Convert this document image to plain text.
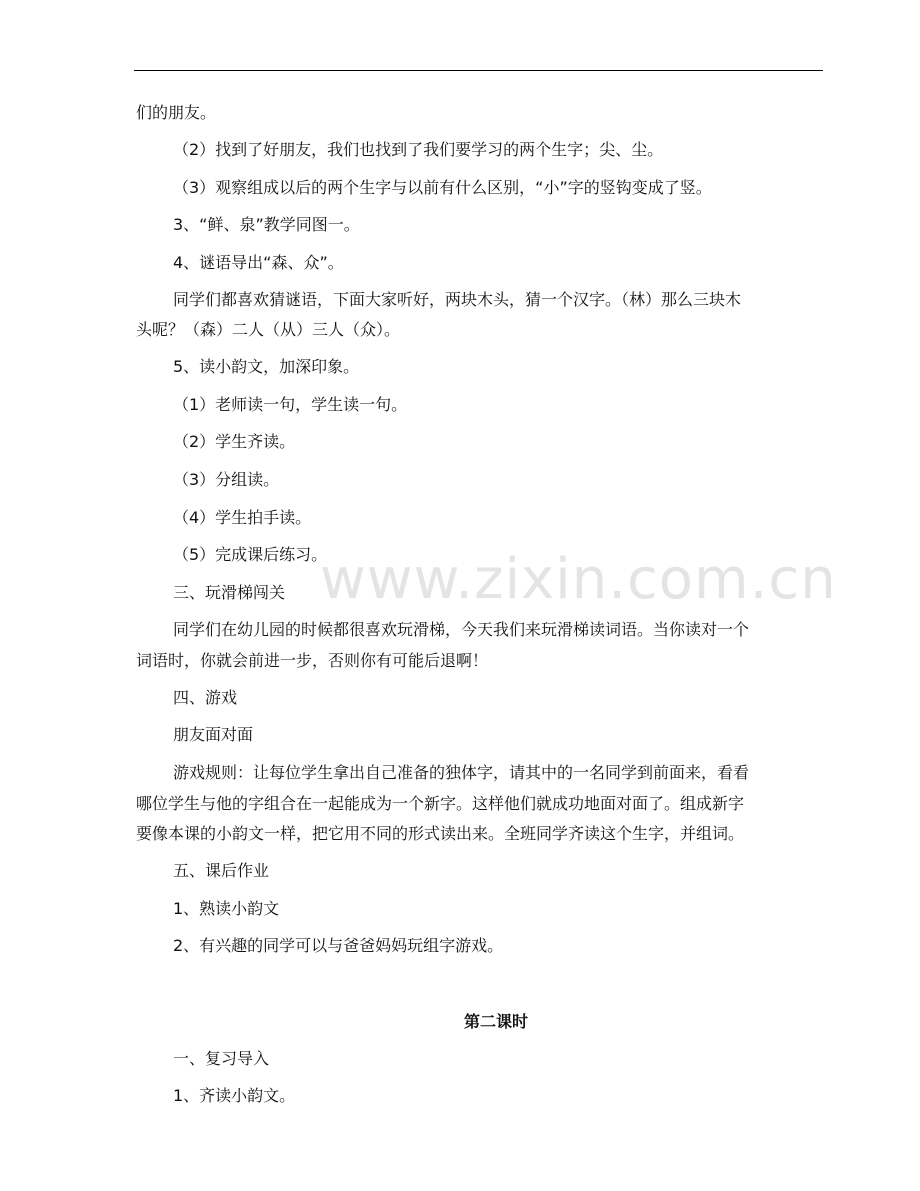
www.zixin.com.cn
们的朋友。
（2）找到了好朋友，我们也找到了我们要学习的两个生字；尖、尘。
（3）观察组成以后的两个生字与以前有什么区别，“小”字的竖钩变成了竖。
3、“鲜、泉”教学同图一。
4、谜语导出“森、众”。
同学们都喜欢猜谜语，下面大家听好，两块木头，猜一个汉字。（林）那么三块木
头呢？（森）二人（从）三人（众）。
5、读小韵文，加深印象。
（1）老师读一句，学生读一句。
（2）学生齐读。
（3）分组读。
（4）学生拍手读。
（5）完成课后练习。
三、玩滑梯闯关
同学们在幼儿园的时候都很喜欢玩滑梯，今天我们来玩滑梯读词语。当你读对一个
词语时，你就会前进一步，否则你有可能后退啊！
四、游戏
朋友面对面
游戏规则：让每位学生拿出自己准备的独体字，请其中的一名同学到前面来，看看
哪位学生与他的字组合在一起能成为一个新字。这样他们就成功地面对面了。组成新字
要像本课的小韵文一样，把它用不同的形式读出来。全班同学齐读这个生字，并组词。
五、课后作业
1、熟读小韵文
2、有兴趣的同学可以与爸爸妈妈玩组字游戏。
第二课时
一、复习导入
1、齐读小韵文。
